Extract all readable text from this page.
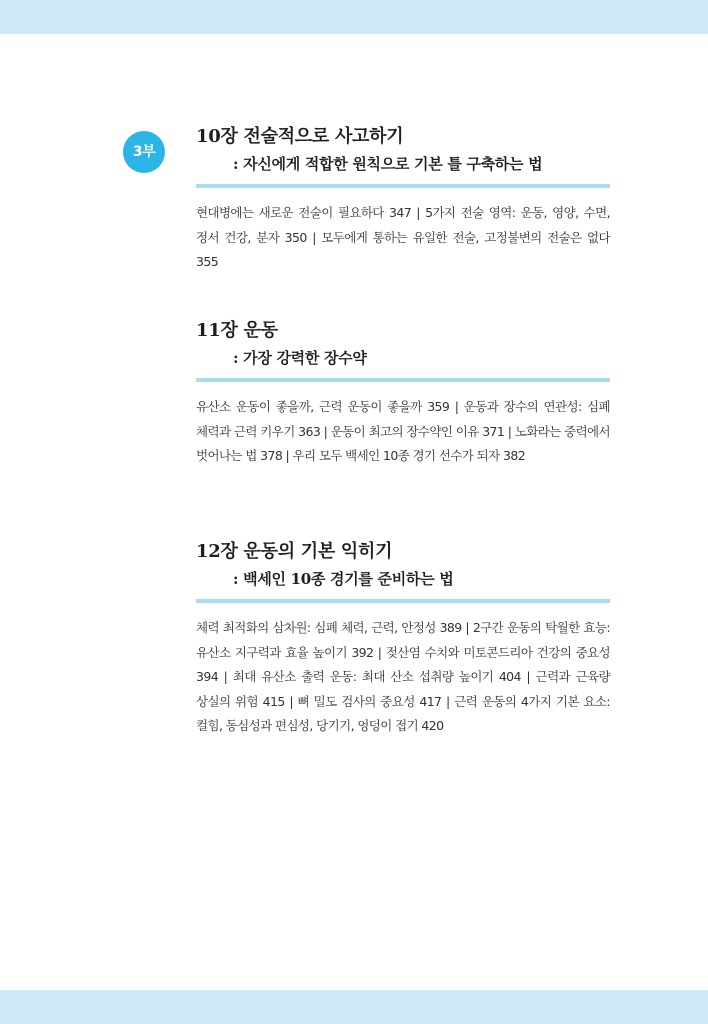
3부
10장 전술적으로 사고하기
: 자신에게 적합한 원칙으로 기본 틀 구축하는 법
현대병에는 새로운 전술이 필요하다 347 | 5가지 전술 영역: 운동, 영양, 수면, 정서 건강, 분자 350 | 모두에게 통하는 유일한 전술, 고정불변의 전술은 없다 355
11장 운동
: 가장 강력한 장수약
유산소 운동이 좋을까, 근력 운동이 좋을까 359 | 운동과 장수의 연관성: 심폐 체력과 근력 키우기 363 | 운동이 최고의 장수약인 이유 371 | 노화라는 중력에서 벗어나는 법 378 | 우리 모두 백세인 10종 경기 선수가 되자 382
12장 운동의 기본 익히기
: 백세인 10종 경기를 준비하는 법
체력 최적화의 삼차원: 심폐 체력, 근력, 안정성 389 | 2구간 운동의 탁월한 효능: 유산소 지구력과 효율 높이기 392 | 젖산염 수치와 미토콘드리아 건강의 중요성 394 | 최대 유산소 출력 운동: 최대 산소 섭취량 높이기 404 | 근력과 근육량 상실의 위험 415 | 뼈 밀도 검사의 중요성 417 | 근력 운동의 4가지 기본 요소: 컬힘, 동심성과 편심성, 당기기, 엉덩이 접기 420
